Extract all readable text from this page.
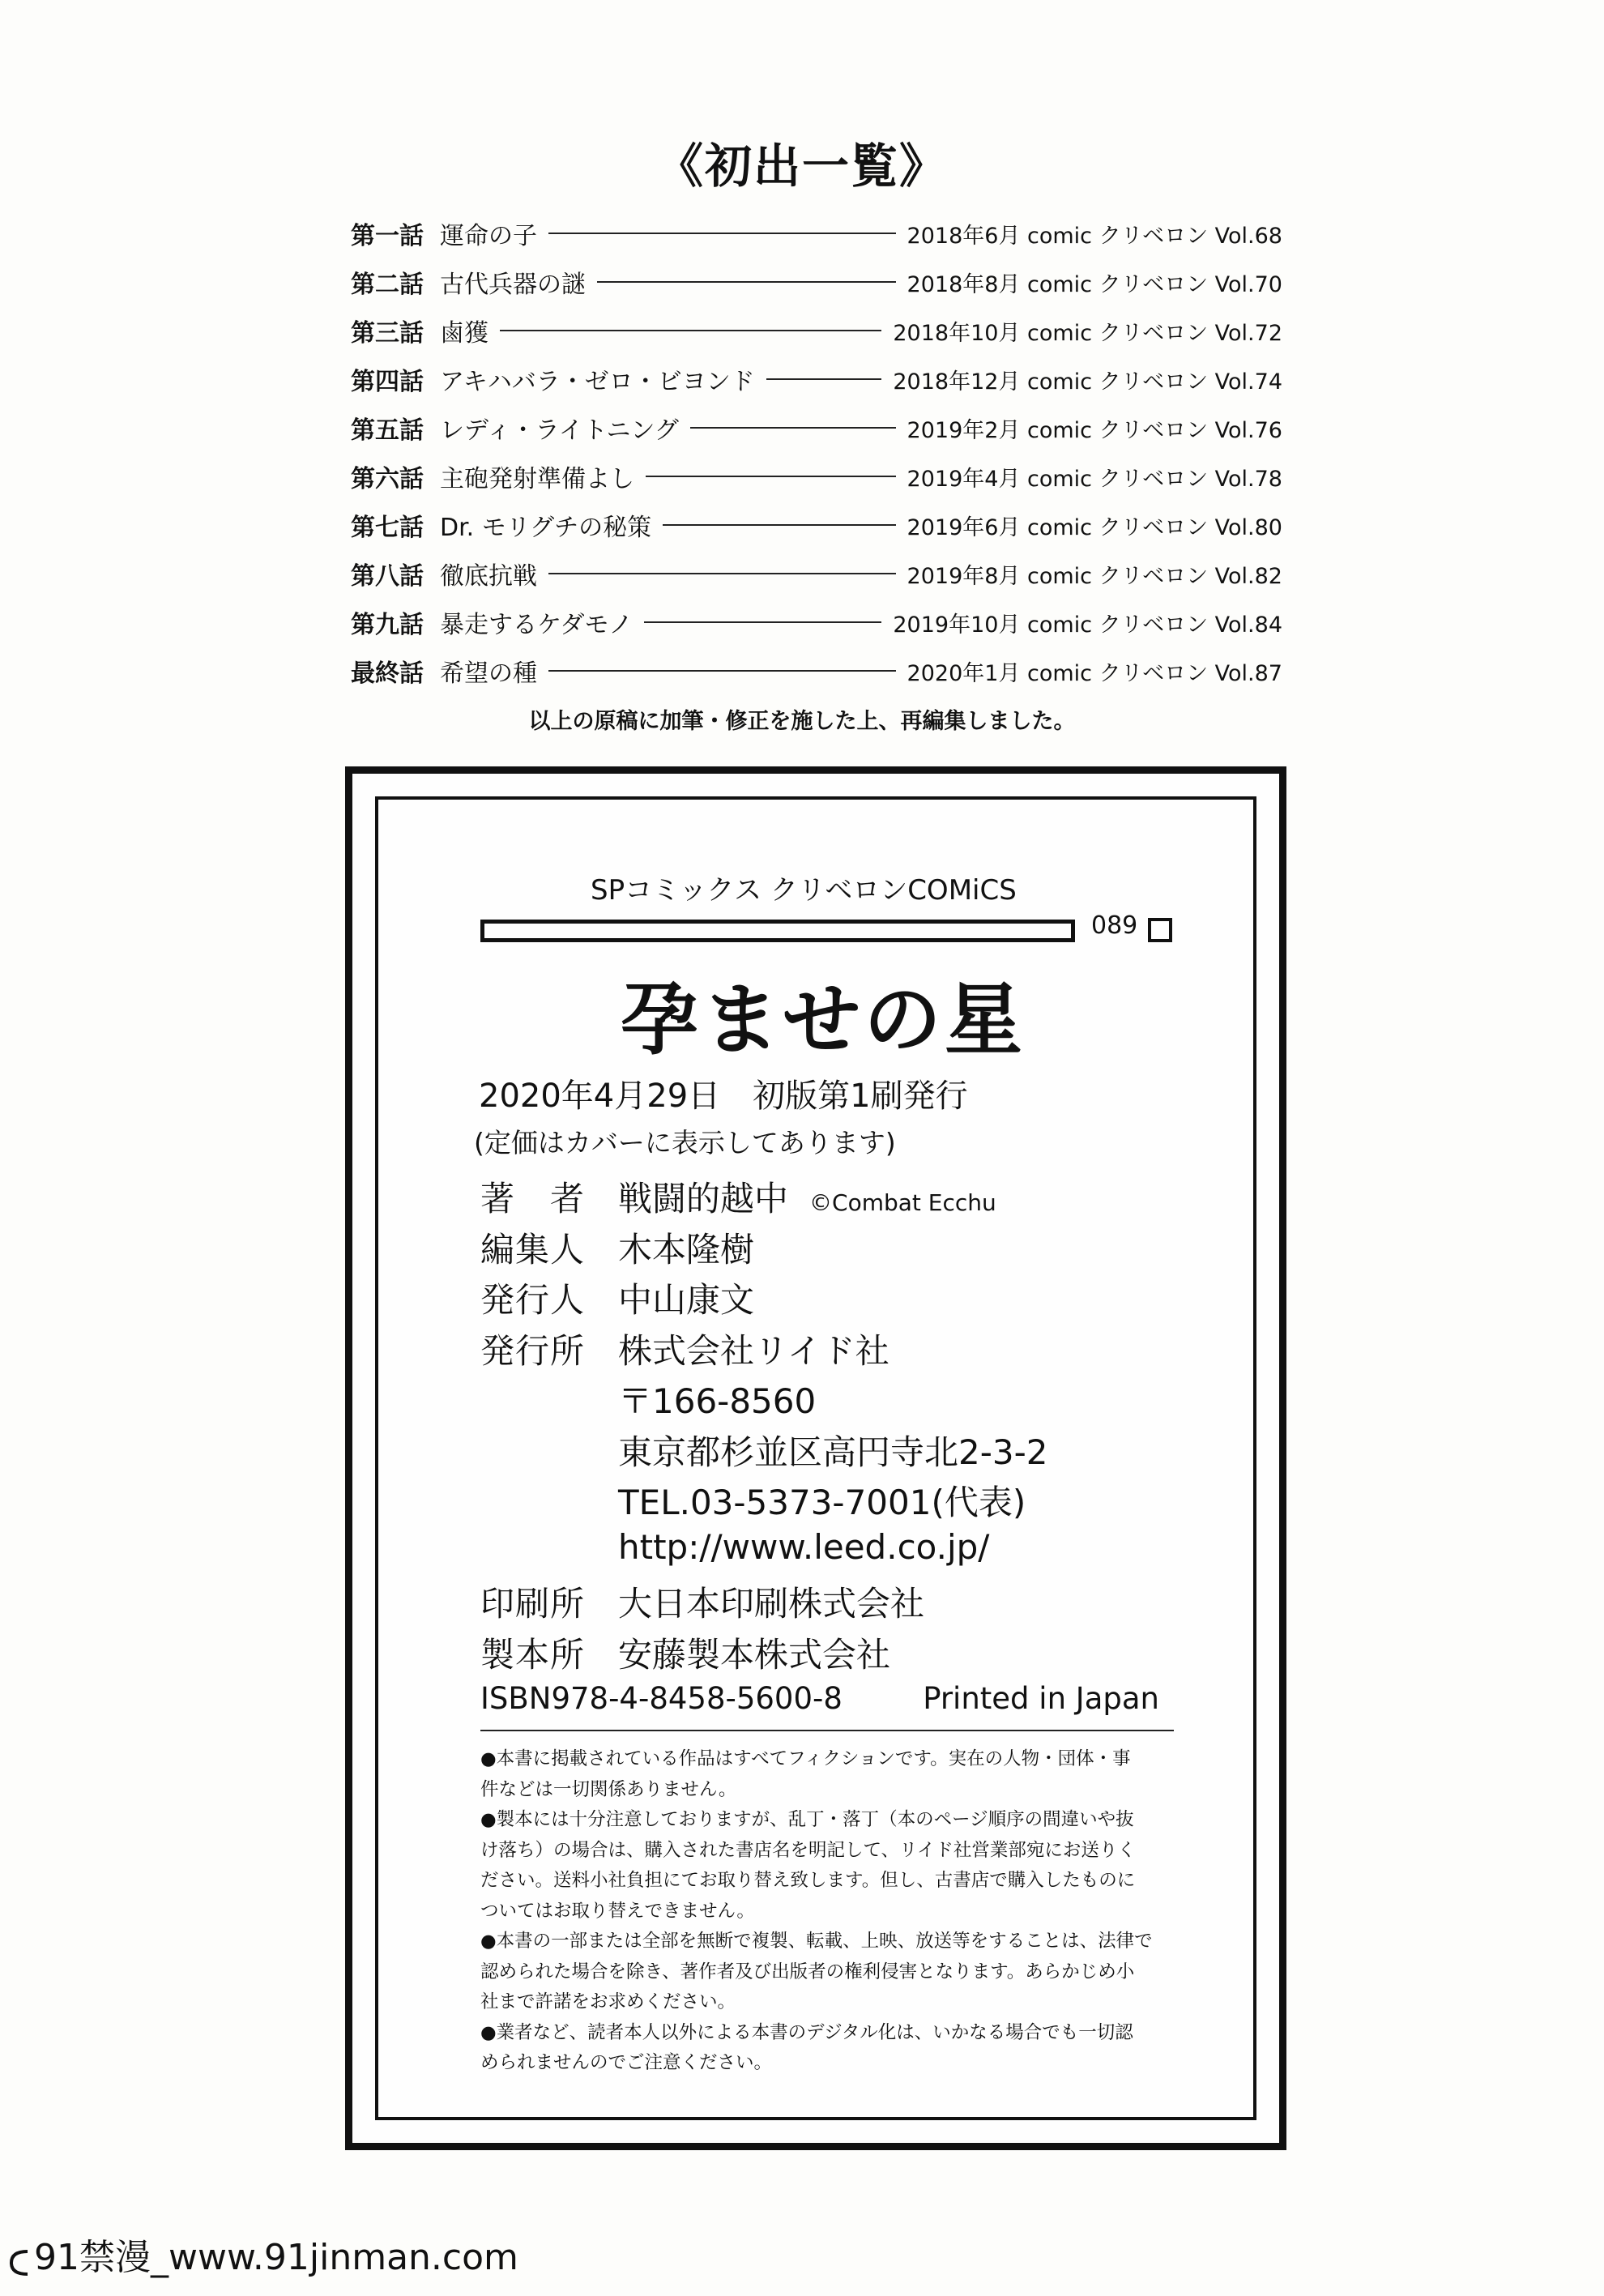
《初出一覧》
第一話 運命の子	2018年6月 comic クリベロン Vol.68
第二話 古代兵器の謎	2018年8月 comic クリベロン Vol.70
第三話 鹵獲	2018年10月 comic クリベロン Vol.72
第四話 アキハバラ・ゼロ・ビヨンド	2018年12月 comic クリベロン Vol.74
第五話 レディ・ライトニング	2019年2月 comic クリベロン Vol.76
第六話 主砲発射準備よし	2019年4月 comic クリベロン Vol.78
第七話 Dr. モリグチの秘策	2019年6月 comic クリベロン Vol.80
第八話 徹底抗戦	2019年8月 comic クリベロン Vol.82
第九話 暴走するケダモノ	2019年10月 comic クリベロン Vol.84
最終話 希望の種	2020年1月 comic クリベロン Vol.87
以上の原稿に加筆・修正を施した上、再編集しました。
SPコミックス クリベロンCOMiCS
089
孕ませの星
2020年4月29日　初版第1刷発行
(定価はカバーに表示してあります)
著　者 戦闘的越中 ©Combat Ecchu
編集人 木本隆樹
発行人 中山康文
発行所 株式会社リイド社
〒166-8560
東京都杉並区高円寺北2-3-2
TEL.03-5373-7001(代表)
http://www.leed.co.jp/
印刷所 大日本印刷株式会社
製本所 安藤製本株式会社
ISBN978-4-8458-5600-8	Printed in Japan

●本書に掲載されている作品はすべてフィクションです。実在の人物・団体・事

件などは一切関係ありません。

●製本には十分注意しておりますが、乱丁・落丁（本のページ順序の間違いや抜

け落ち）の場合は、購入された書店名を明記して、リイド社営業部宛にお送りく

ださい。送料小社負担にてお取り替え致します。但し、古書店で購入したものに

ついてはお取り替えできません。

●本書の一部または全部を無断で複製、転載、上映、放送等をすることは、法律で

認められた場合を除き、著作者及び出版者の権利侵害となります。あらかじめ小

社まで許諾をお求めください。

●業者など、読者本人以外による本書のデジタル化は、いかなる場合でも一切認

められませんのでご注意ください。

91禁漫_www.91jinman.com
